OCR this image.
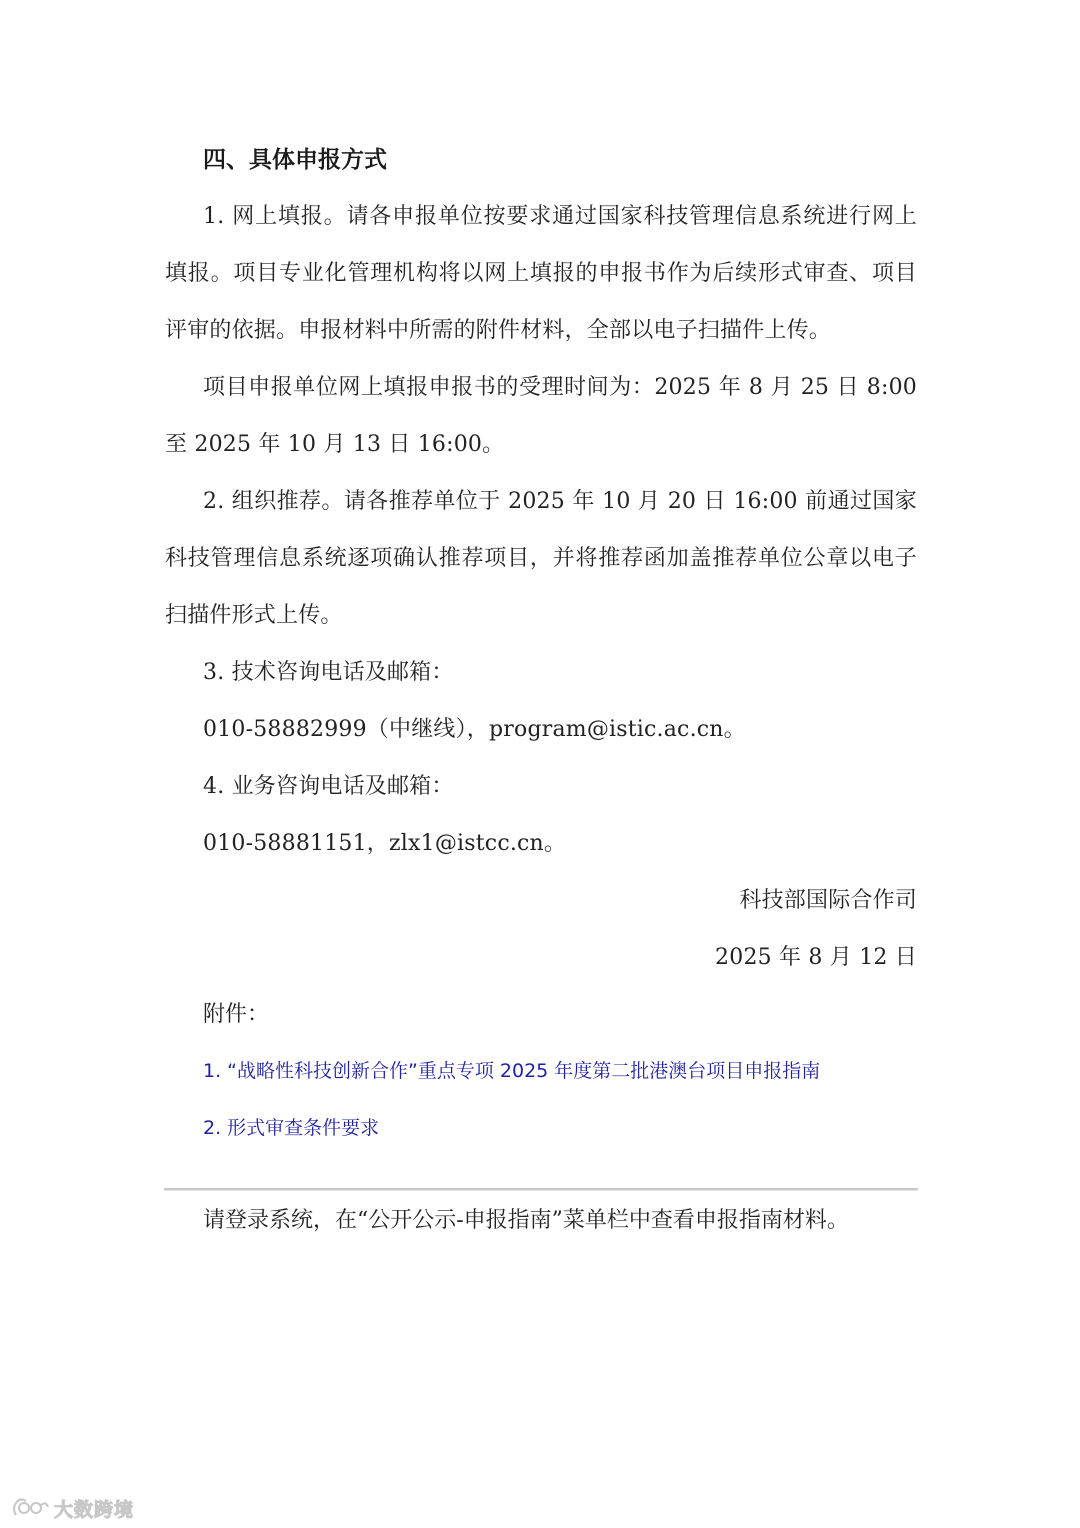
四、具体申报方式

1. 网上填报。请各申报单位按要求通过国家科技管理信息系统进行网上填报。项目专业化管理机构将以网上填报的申报书作为后续形式审查、项目评审的依据。申报材料中所需的附件材料，全部以电子扫描件上传。

项目申报单位网上填报申报书的受理时间为：2025 年 8 月 25 日 8:00 至 2025 年 10 月 13 日 16:00。

2. 组织推荐。请各推荐单位于 2025 年 10 月 20 日 16:00 前通过国家科技管理信息系统逐项确认推荐项目，并将推荐函加盖推荐单位公章以电子扫描件形式上传。

3. 技术咨询电话及邮箱：

010-58882999（中继线），program@istic.ac.cn。

4. 业务咨询电话及邮箱：

010-58881151，zlx1@istcc.cn。

科技部国际合作司

2025 年 8 月 12 日

附件：

1. “战略性科技创新合作”重点专项 2025 年度第二批港澳台项目申报指南
2. 形式审查条件要求

请登录系统，在“公开公示-申报指南”菜单栏中查看申报指南材料。

大数跨境
